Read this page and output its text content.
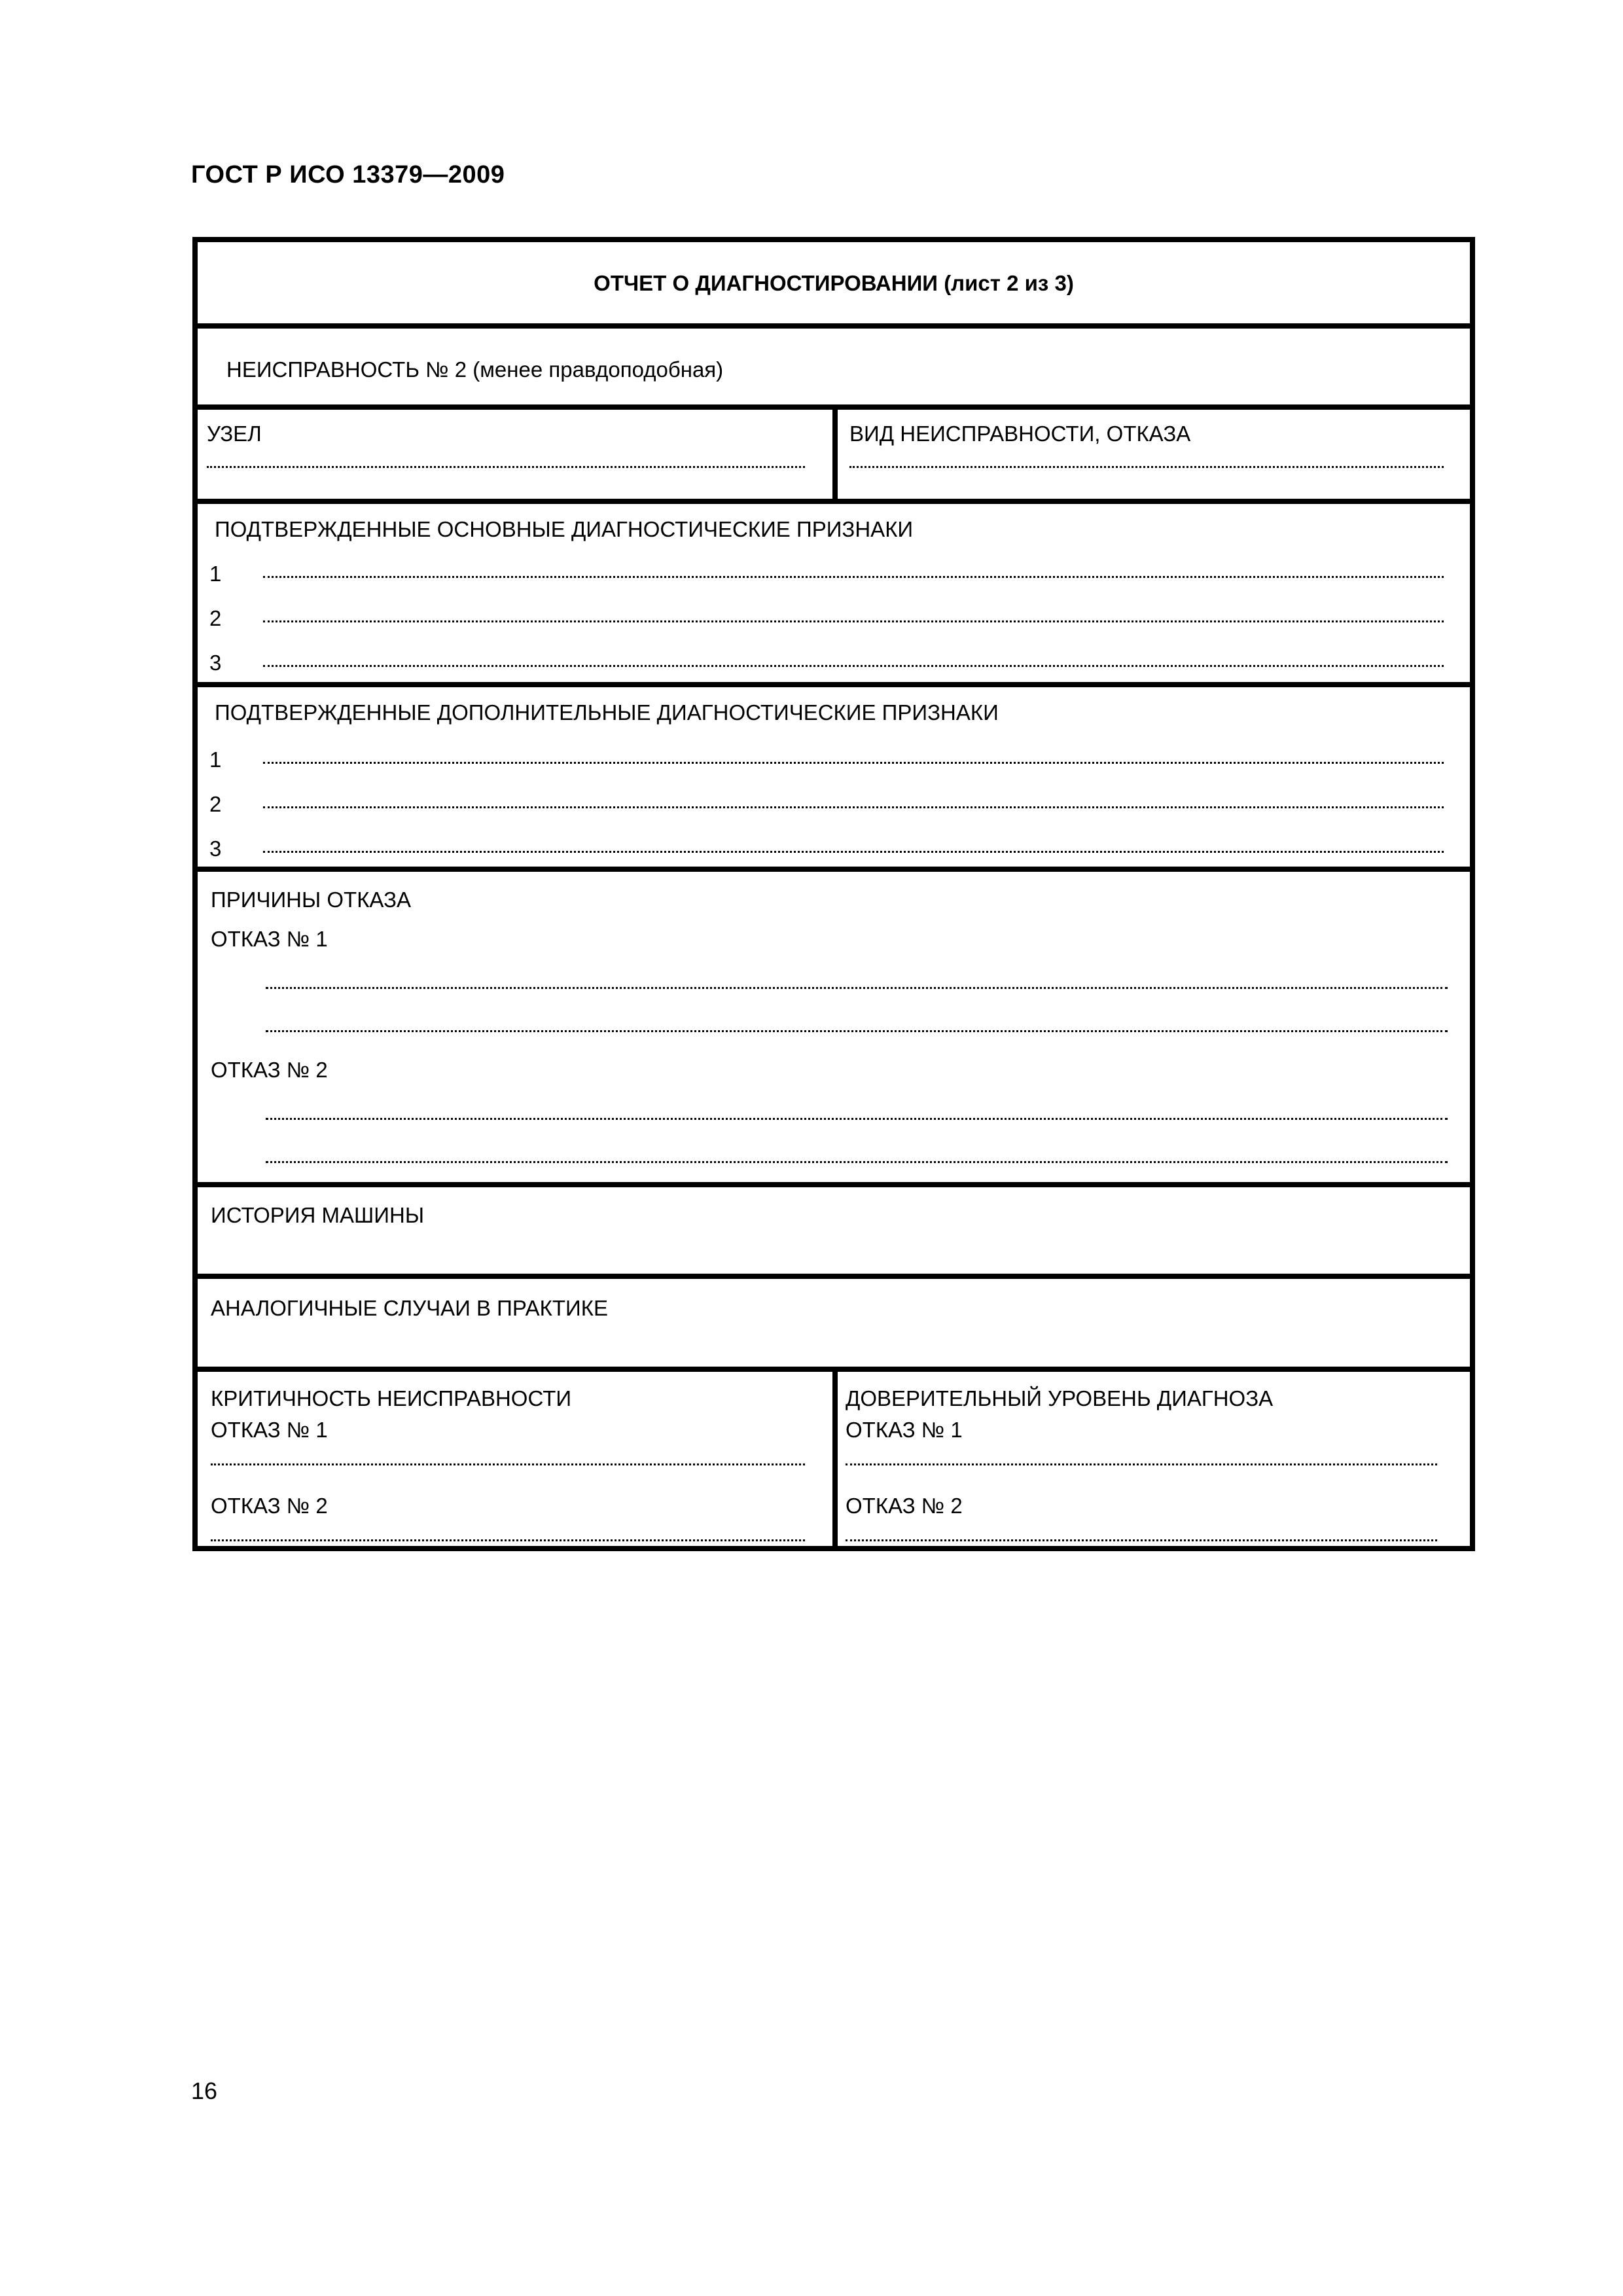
ГОСТ Р ИСО 13379—2009
ОТЧЕТ О ДИАГНОСТИРОВАНИИ (лист 2 из 3)
НЕИСПРАВНОСТЬ № 2 (менее правдоподобная)
УЗЕЛ	ВИД НЕИСПРАВНОСТИ, ОТКАЗА
ПОДТВЕРЖДЕННЫЕ ОСНОВНЫЕ ДИАГНОСТИЧЕСКИЕ ПРИЗНАКИ
1
2
3
ПОДТВЕРЖДЕННЫЕ ДОПОЛНИТЕЛЬНЫЕ ДИАГНОСТИЧЕСКИЕ ПРИЗНАКИ
1
2
3
ПРИЧИНЫ ОТКАЗА
ОТКАЗ № 1
ОТКАЗ № 2
ИСТОРИЯ МАШИНЫ
АНАЛОГИЧНЫЕ СЛУЧАИ В ПРАКТИКЕ
КРИТИЧНОСТЬ НЕИСПРАВНОСТИ
ОТКАЗ № 1
ОТКАЗ № 2
ДОВЕРИТЕЛЬНЫЙ УРОВЕНЬ ДИАГНОЗА
ОТКАЗ № 1
ОТКАЗ № 2
16
